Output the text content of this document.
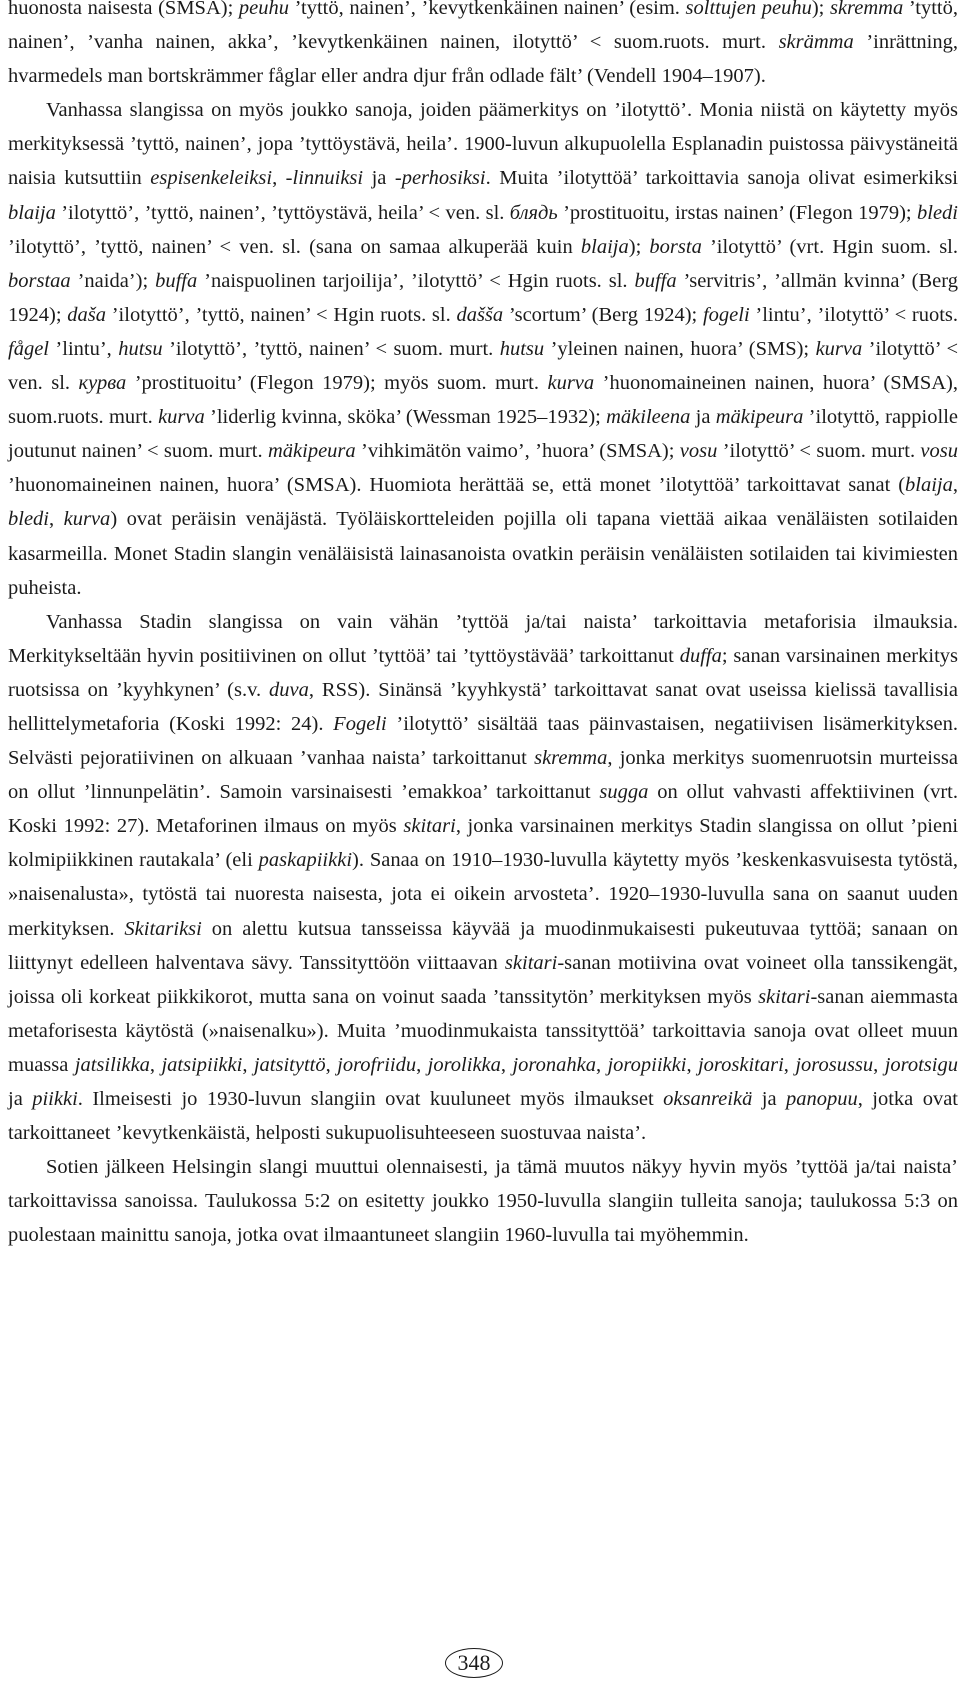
huonosta naisesta (SMSA); peuhu ’tyttö, nainen’, ’kevytkenkäinen nainen’ (esim. solttujen peuhu); skremma ’tyttö, nainen’, ’vanha nainen, akka’, ’kevytkenkäinen nainen, ilotyttö’ < suom.ruots. murt. skrämma ’inrättning, hvarmedels man bortskrämmer fåglar eller andra djur från odlade fält’ (Vendell 1904–1907).

Vanhassa slangissa on myös joukko sanoja, joiden päämerkitys on ’ilotyttö’. Monia niistä on käytetty myös merkityksessä ’tyttö, nainen’, jopa ’tyttöystävä, heila’. 1900-luvun alkupuolella Esplanadin puistossa päivystäneitä naisia kutsuttiin espisenkeleiksi, -linnuiksi ja -perhosiksi. Muita ’ilotyttöä’ tarkoittavia sanoja olivat esimerkiksi blaija ’ilotyttö’, ’tyttö, nainen’, ’tyttöystävä, heila’ < ven. sl. блядь ’prostituoitu, irstas nainen’ (Flegon 1979); bledi ’ilotyttö’, ’tyttö, nainen’ < ven. sl. (sana on samaa alkuperää kuin blaija); borsta ’ilotyttö’ (vrt. Hgin suom. sl. borstaa ’naida’); buffa ’naispuolinen tarjoilija’, ’ilotyttö’ < Hgin ruots. sl. buffa ’servitris’, ’allmän kvinna’ (Berg 1924); daša ’ilotyttö’, ’tyttö, nainen’ < Hgin ruots. sl. dašša ’scortum’ (Berg 1924); fogeli ’lintu’, ’ilotyttö’ < ruots. fågel ’lintu’, hutsu ’ilotyttö’, ’tyttö, nainen’ < suom. murt. hutsu ’yleinen nainen, huora’ (SMS); kurva ’ilotyttö’ < ven. sl. курва ’prostituoitu’ (Flegon 1979); myös suom. murt. kurva ’huonomaineinen nainen, huora’ (SMSA), suom.ruots. murt. kurva ’liderlig kvinna, sköka’ (Wessman 1925–1932); mäkileena ja mäkipeura ’ilotyttö, rappiolle joutunut nainen’ < suom. murt. mäkipeura ’vihkimätön vaimo’, ’huora’ (SMSA); vosu ’ilotyttö’ < suom. murt. vosu ’huonomaineinen nainen, huora’ (SMSA). Huomiota herättää se, että monet ’ilotyttöä’ tarkoittavat sanat (blaija, bledi, kurva) ovat peräisin venäjästä. Työläiskortteleiden pojilla oli tapana viettää aikaa venäläisten sotilaiden kasarmeilla. Monet Stadin slangin venäläisistä lainasanoista ovatkin peräisin venäläisten sotilaiden tai kivimiesten puheista.

Vanhassa Stadin slangissa on vain vähän ’tyttöä ja/tai naista’ tarkoittavia metaforisia ilmauksia. Merkitykseltään hyvin positiivinen on ollut ’tyttöä’ tai ’tyttöystävää’ tarkoittanut duffa; sanan varsinainen merkitys ruotsissa on ’kyyhkynen’ (s.v. duva, RSS). Sinänsä ’kyyhkystä’ tarkoittavat sanat ovat useissa kielissä tavallisia hellittelymetaforia (Koski 1992: 24). Fogeli ’ilotyttö’ sisältää taas päinvastaisen, negatiivisen lisämerkityksen. Selvästi pejoratiivinen on alkuaan ’vanhaa naista’ tarkoittanut skremma, jonka merkitys suomenruotsin murteissa on ollut ’linnunpelätin’. Samoin varsinaisesti ’emakkoa’ tarkoittanut sugga on ollut vahvasti affektiivinen (vrt. Koski 1992: 27). Metaforinen ilmaus on myös skitari, jonka varsinainen merkitys Stadin slangissa on ollut ’pieni kolmipiikkinen rautakala’ (eli paskapiikki). Sanaa on 1910–1930-luvulla käytetty myös ’keskenkasvuisesta tytöstä, »naisenalusta», tytöstä tai nuoresta naisesta, jota ei oikein arvosteta’. 1920–1930-luvulla sana on saanut uuden merkityksen. Skitariksi on alettu kutsua tansseissa käyvää ja muodinmukaisesti pukeutuvaa tyttöä; sanaan on liittynyt edelleen halventava sävy. Tanssityttöön viittaavan skitari-sanan motiivina ovat voineet olla tanssikengät, joissa oli korkeat piikkikorot, mutta sana on voinut saada ’tanssitytön’ merkityksen myös skitari-sanan aiemmasta metaforisesta käytöstä (»naisenalku»). Muita ’muodinmukaista tanssityttöä’ tarkoittavia sanoja ovat olleet muun muassa jatsilikka, jatsipiikki, jatsityttö, jorofriidu, jorolikka, joronahka, joropiikki, joroskitari, jorosussu, jorotsigu ja piikki. Ilmeisesti jo 1930-luvun slangiin ovat kuuluneet myös ilmaukset oksanreikä ja panopuu, jotka ovat tarkoittaneet ’kevytkenkäistä, helposti sukupuolisuhteeseen suostuvaa naista’.

Sotien jälkeen Helsingin slangi muuttui olennaisesti, ja tämä muutos näkyy hyvin myös ’tyttöä ja/tai naista’ tarkoittavissa sanoissa. Taulukossa 5:2 on esitetty joukko 1950-luvulla slangiin tulleita sanoja; taulukossa 5:3 on puolestaan mainittu sanoja, jotka ovat ilmaantuneet slangiin 1960-luvulla tai myöhemmin.

348
